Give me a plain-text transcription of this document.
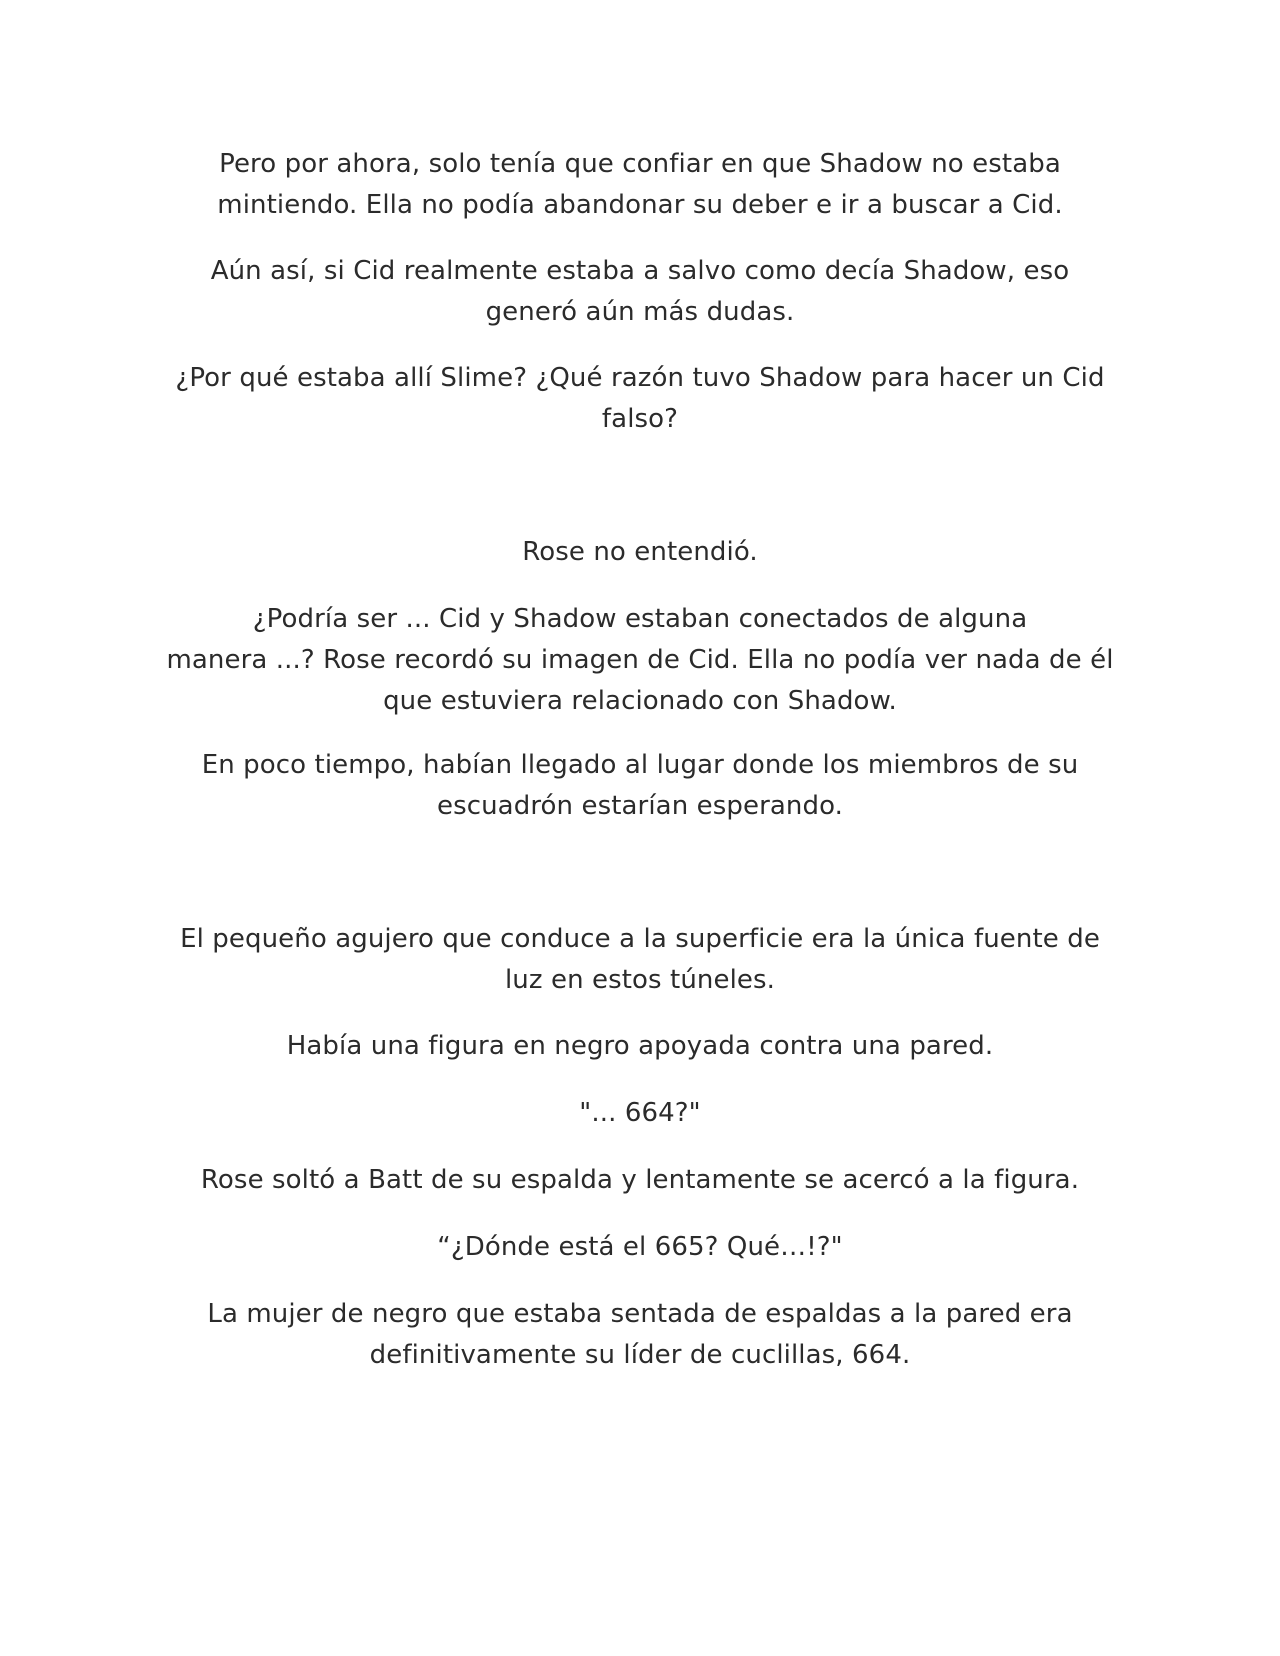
Pero por ahora, solo tenía que confiar en que Shadow no estaba
mintiendo. Ella no podía abandonar su deber e ir a buscar a Cid.

Aún así, si Cid realmente estaba a salvo como decía Shadow, eso
generó aún más dudas.

¿Por qué estaba allí Slime? ¿Qué razón tuvo Shadow para hacer un Cid
falso?

Rose no entendió.

¿Podría ser ... Cid y Shadow estaban conectados de alguna
manera ...? Rose recordó su imagen de Cid. Ella no podía ver nada de él
que estuviera relacionado con Shadow.

En poco tiempo, habían llegado al lugar donde los miembros de su
escuadrón estarían esperando.

El pequeño agujero que conduce a la superficie era la única fuente de
luz en estos túneles.

Había una figura en negro apoyada contra una pared.

"... 664?"

Rose soltó a Batt de su espalda y lentamente se acercó a la figura.

“¿Dónde está el 665? Qué…!?"

La mujer de negro que estaba sentada de espaldas a la pared era
definitivamente su líder de cuclillas, 664.
